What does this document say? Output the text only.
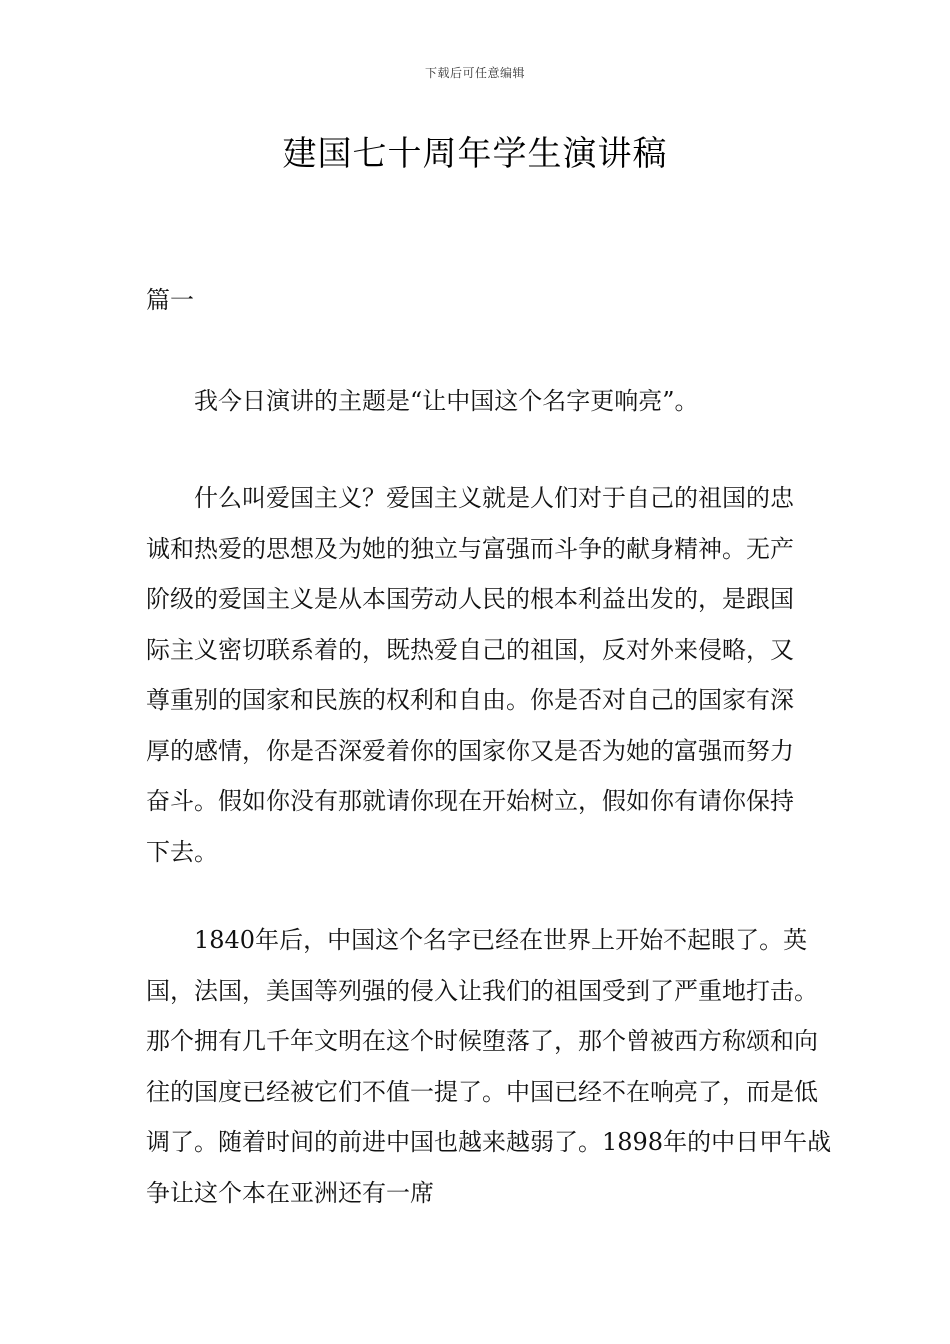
下载后可任意编辑
建国七十周年学生演讲稿
篇一

我今日演讲的主题是“让中国这个名字更响亮”。

什么叫爱国主义？爱国主义就是人们对于自己的祖国的忠诚和热爱的思想及为她的独立与富强而斗争的献身精神。无产阶级的爱国主义是从本国劳动人民的根本利益出发的，是跟国际主义密切联系着的，既热爱自己的祖国，反对外来侵略，又尊重别的国家和民族的权利和自由。你是否对自己的国家有深厚的感情，你是否深爱着你的国家你又是否为她的富强而努力奋斗。假如你没有那就请你现在开始树立，假如你有请你保持下去。

1840年后，中国这个名字已经在世界上开始不起眼了。英国，法国，美国等列强的侵入让我们的祖国受到了严重地打击。那个拥有几千年文明在这个时候堕落了，那个曾被西方称颂和向往的国度已经被它们不值一提了。中国已经不在响亮了，而是低调了。随着时间的前进中国也越来越弱了。1898年的中日甲午战争让这个本在亚洲还有一席
